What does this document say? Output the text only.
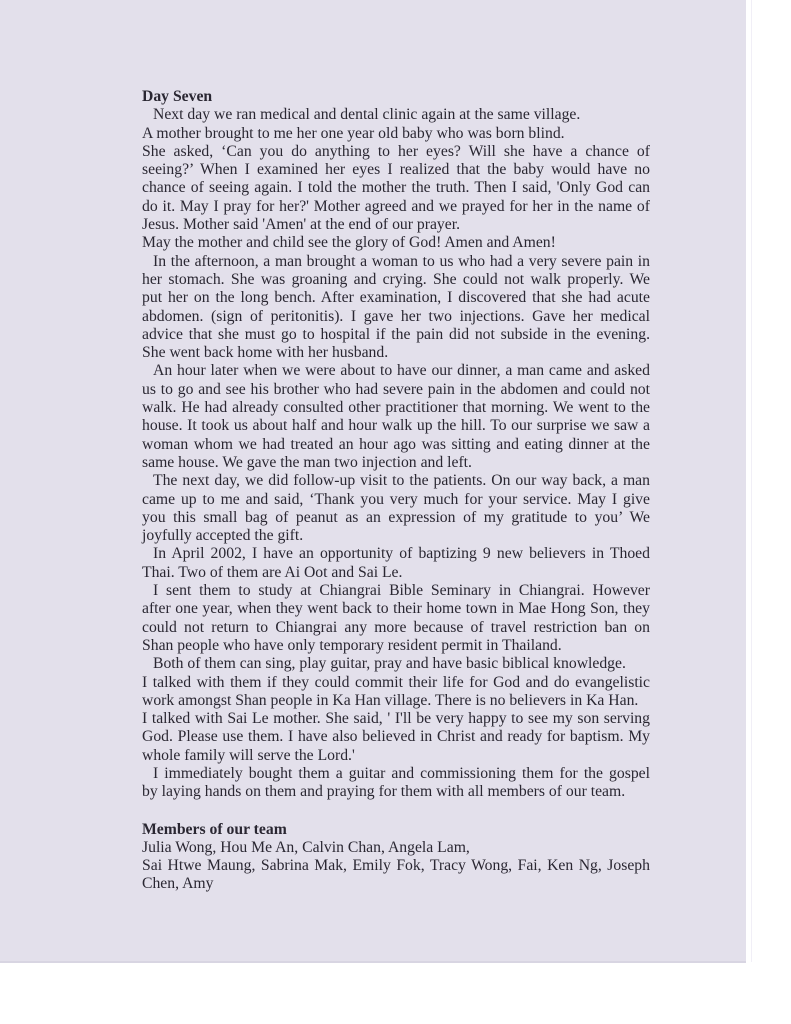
Day Seven
Next day we ran medical and dental clinic again at the same village.
A mother brought to me her one year old baby who was born blind.
She asked, ‘Can you do anything to her eyes? Will she have a chance of
seeing?’ When I examined her eyes I realized that the baby would have no
chance of seeing again. I told the mother the truth. Then I said, 'Only God can
do it. May I pray for her?' Mother agreed and we prayed for her in the name of
Jesus. Mother said 'Amen' at the end of our prayer.
May the mother and child see the glory of God! Amen and Amen!
In the afternoon, a man brought a woman to us who had a very severe pain in
her stomach. She was groaning and crying. She could not walk properly. We
put her on the long bench. After examination, I discovered that she had acute
abdomen. (sign of peritonitis). I gave her two injections. Gave her medical
advice that she must go to hospital if the pain did not subside in the evening.
She went back home with her husband.
An hour later when we were about to have our dinner, a man came and asked
us to go and see his brother who had severe pain in the abdomen and could not
walk. He had already consulted other practitioner that morning. We went to the
house. It took us about half and hour walk up the hill. To our surprise we saw a
woman whom we had treated an hour ago was sitting and eating dinner at the
same house. We gave the man two injection and left.
The next day, we did follow-up visit to the patients. On our way back, a man
came up to me and said, ‘Thank you very much for your service. May I give
you this small bag of peanut as an expression of my gratitude to you’ We
joyfully accepted the gift.
In April 2002, I have an opportunity of baptizing 9 new believers in Thoed
Thai. Two of them are Ai Oot and Sai Le.
I sent them to study at Chiangrai Bible Seminary in Chiangrai. However
after one year, when they went back to their home town in Mae Hong Son, they
could not return to Chiangrai any more because of travel restriction ban on
Shan people who have only temporary resident permit in Thailand.
Both of them can sing, play guitar, pray and have basic biblical knowledge.
I talked with them if they could commit their life for God and do evangelistic
work amongst Shan people in Ka Han village. There is no believers in Ka Han.
I talked with Sai Le mother. She said, ' I'll be very happy to see my son serving
God. Please use them. I have also believed in Christ and ready for baptism. My
whole family will serve the Lord.'
I immediately bought them a guitar and commissioning them for the gospel
by laying hands on them and praying for them with all members of our team.
Members of our team
Julia Wong, Hou Me An, Calvin Chan, Angela Lam,
Sai Htwe Maung, Sabrina Mak, Emily Fok, Tracy Wong, Fai, Ken Ng, Joseph
Chen, Amy
